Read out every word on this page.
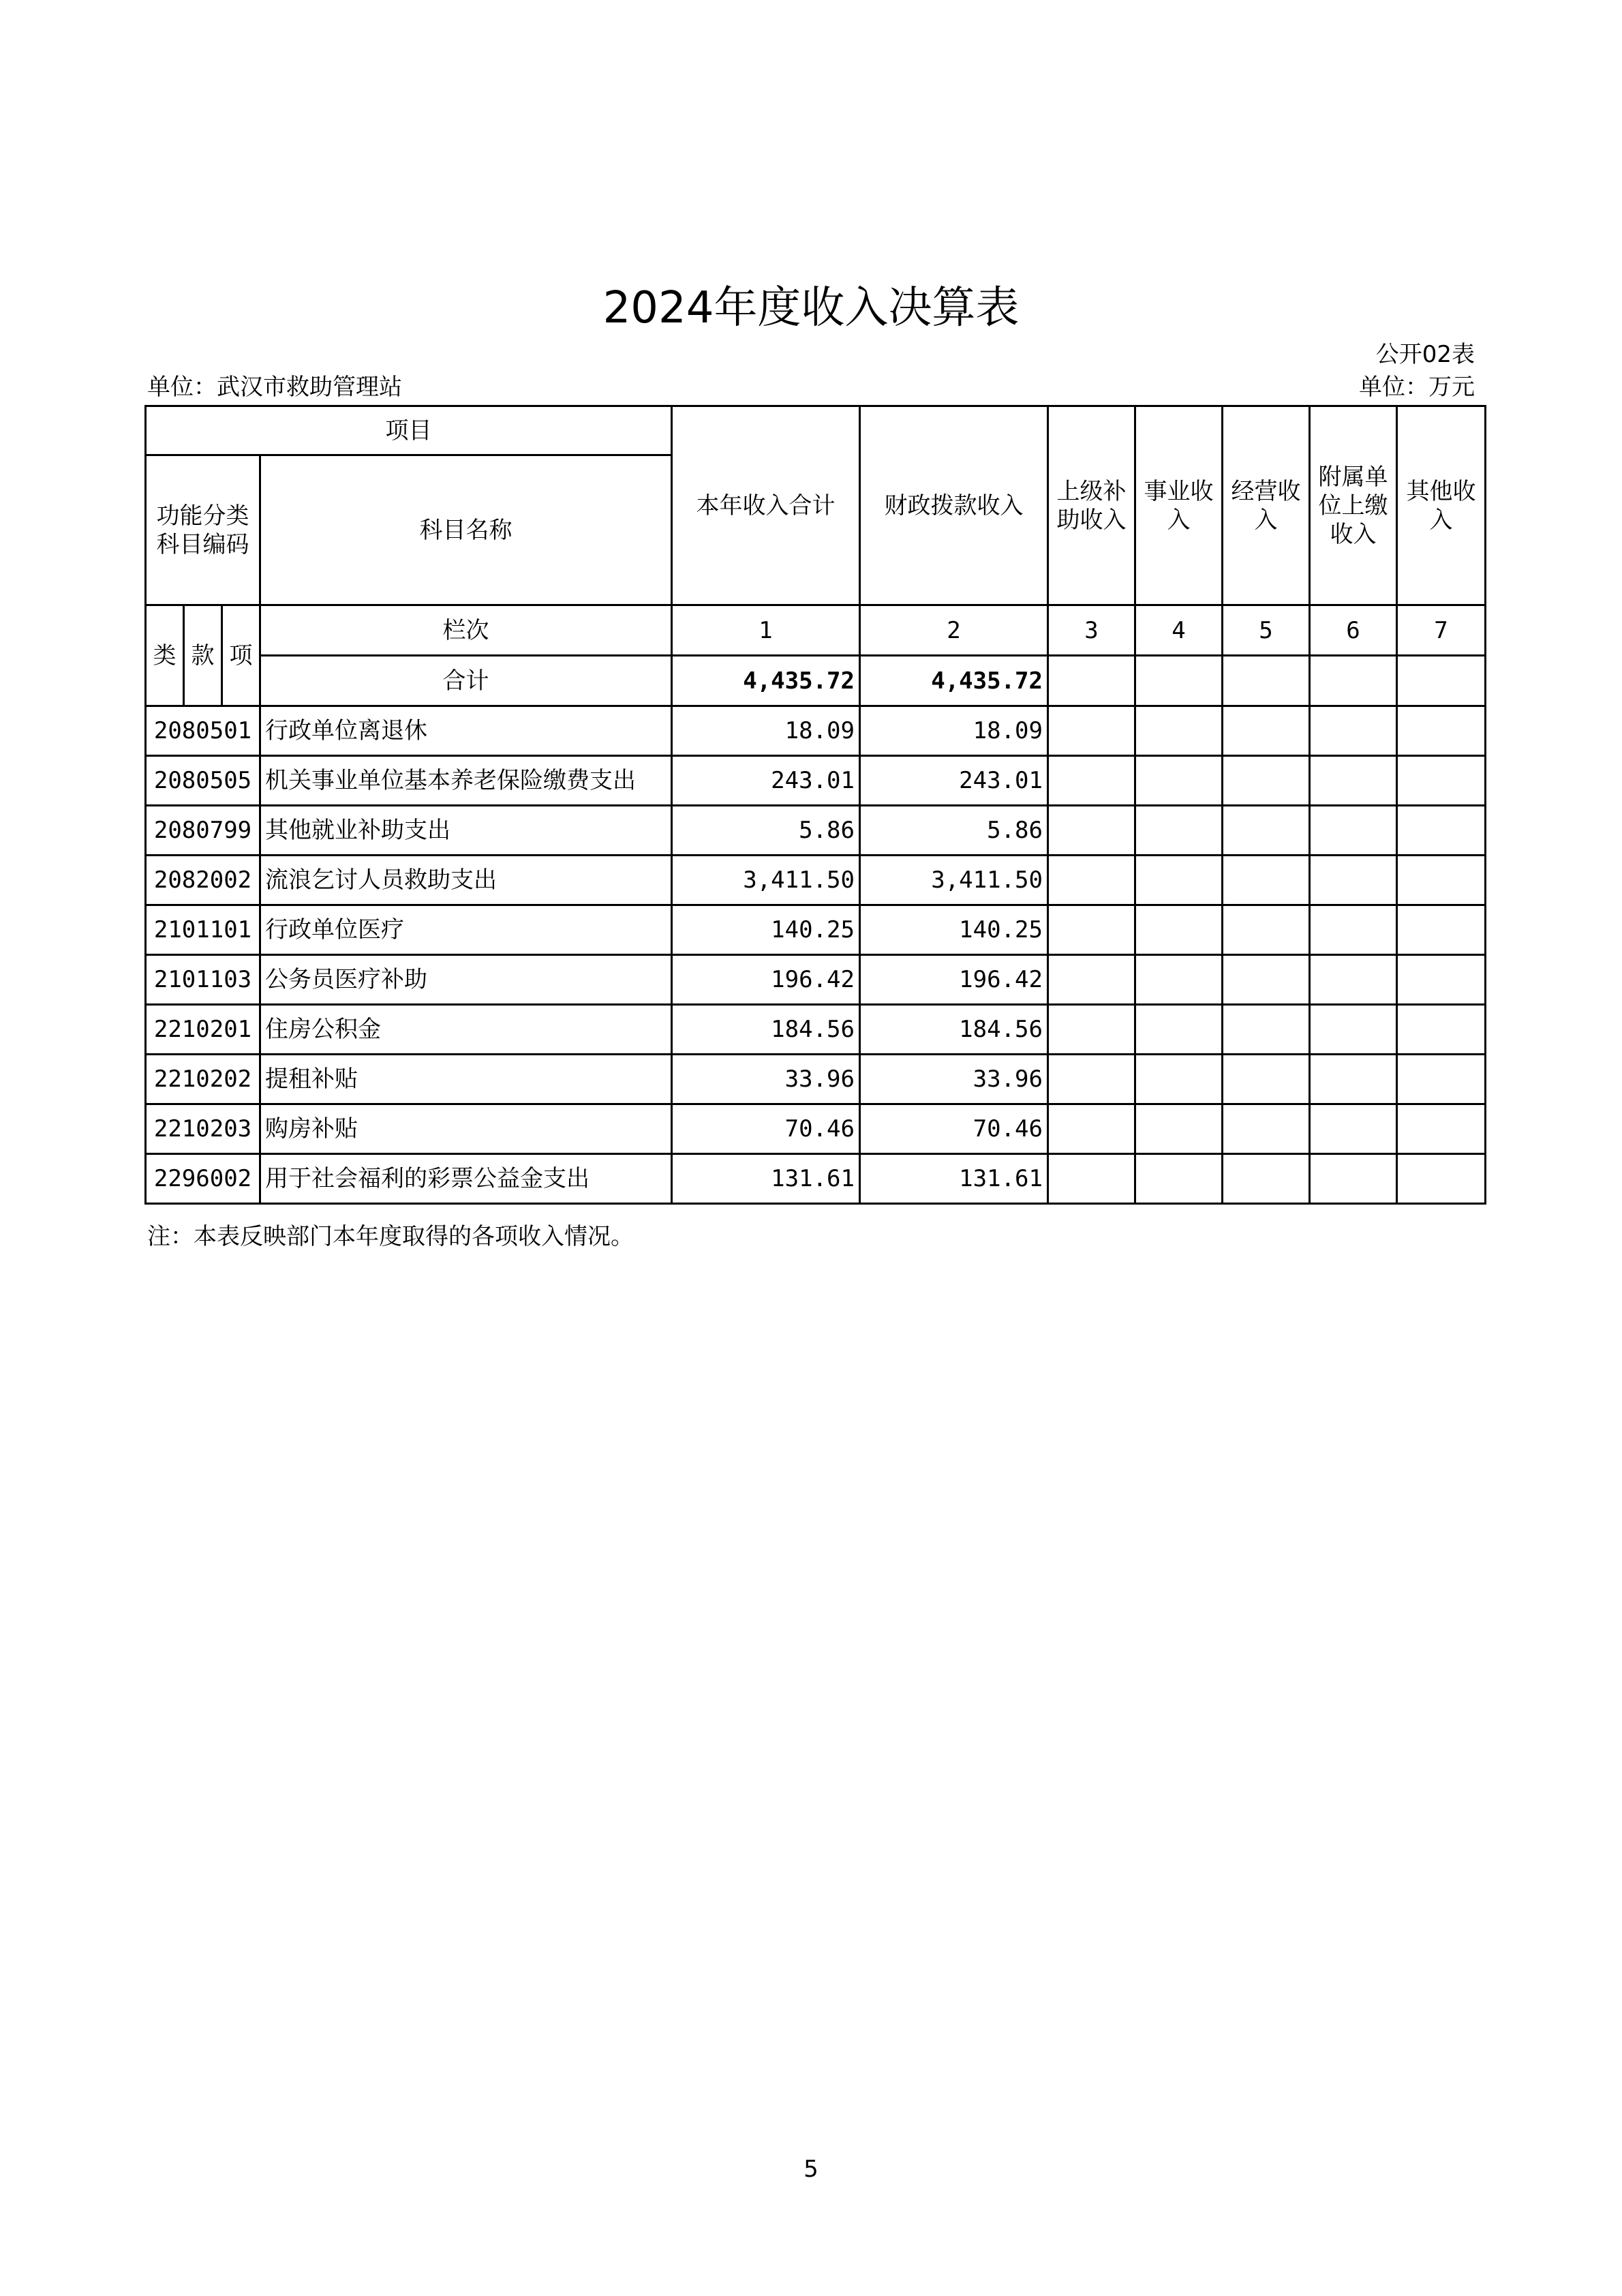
2024年度收入决算表
公开02表
单位：武汉市救助管理站	单位：万元
项目				本年收入合计	财政拨款收入	上级补助收入	事业收入	经营收入	附属单位上缴收入	其他收入
功能分类科目编码			科目名称							
类	款	项	栏次	1	2	3	4	5	6	7
			合计	4,435.72	4,435.72					
2080501			行政单位离退休	18.09	18.09					
2080505			机关事业单位基本养老保险缴费支出	243.01	243.01					
2080799			其他就业补助支出	5.86	5.86					
2082002			流浪乞讨人员救助支出	3,411.50	3,411.50					
2101101			行政单位医疗	140.25	140.25					
2101103			公务员医疗补助	196.42	196.42					
2210201			住房公积金	184.56	184.56					
2210202			提租补贴	33.96	33.96					
2210203			购房补贴	70.46	70.46					
2296002			用于社会福利的彩票公益金支出	131.61	131.61					
注：本表反映部门本年度取得的各项收入情况。
5
